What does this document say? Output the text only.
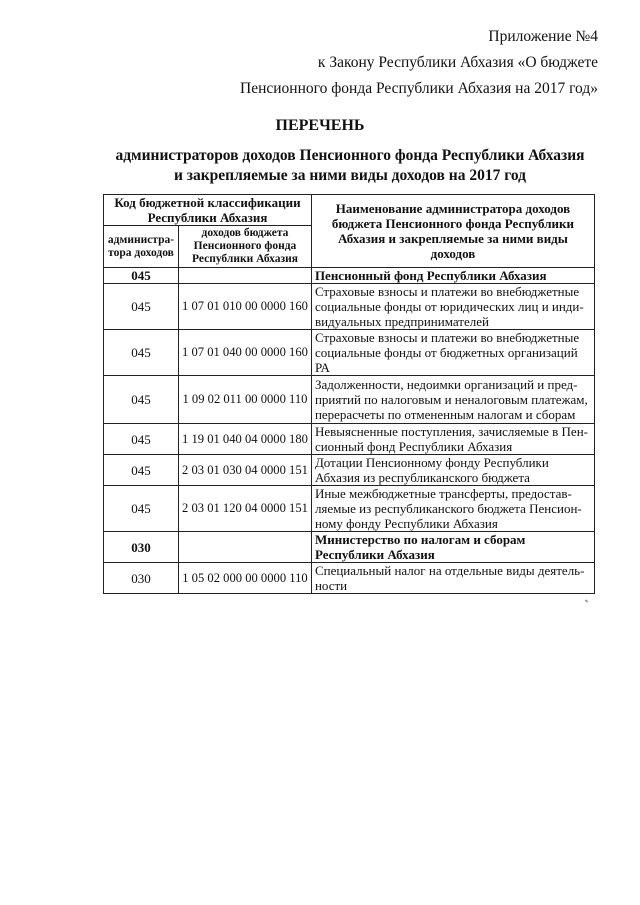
Приложение №4
к Закону Республики Абхазия «О бюджете
Пенсионного фонда Республики Абхазия на 2017 год»
ПЕРЕЧЕНЬ
администраторов доходов Пенсионного фонда Республики Абхазия
и закрепляемые за ними виды доходов на 2017 год
Код бюджетной классификации Республики Абхазия		Наименование администратора доходов бюджета Пенсионного фонда Республики Абхазия и закрепляемые за ними виды доходов
администра-тора доходов	доходов бюджета Пенсионного фонда Республики Абхазия	
045		Пенсионный фонд Республики Абхазия
045	1 07 01 010 00 0000 160	Страховые взносы и платежи во внебюджетные социальные фонды от юридических лиц и инди-видуальных предпринимателей
045	1 07 01 040 00 0000 160	Страховые взносы и платежи во внебюджетные социальные фонды от бюджетных организаций РА
045	1 09 02 011 00 0000 110	Задолженности, недоимки организаций и пред-приятий по налоговым и неналоговым платежам, перерасчеты по отмененным налогам и сборам
045	1 19 01 040 04 0000 180	Невыясненные поступления, зачисляемые в Пен-сионный фонд Республики Абхазия
045	2 03 01 030 04 0000 151	Дотации Пенсионному фонду Республики Абхазия из республиканского бюджета
045	2 03 01 120 04 0000 151	Иные межбюджетные трансферты, предостав-ляемые из республиканского бюджета Пенсион-ному фонду Республики Абхазия
030		Министерство по налогам и сборам Республики Абхазия
030	1 05 02 000 00 0000 110	Специальный налог на отдельные виды деятель-ности
